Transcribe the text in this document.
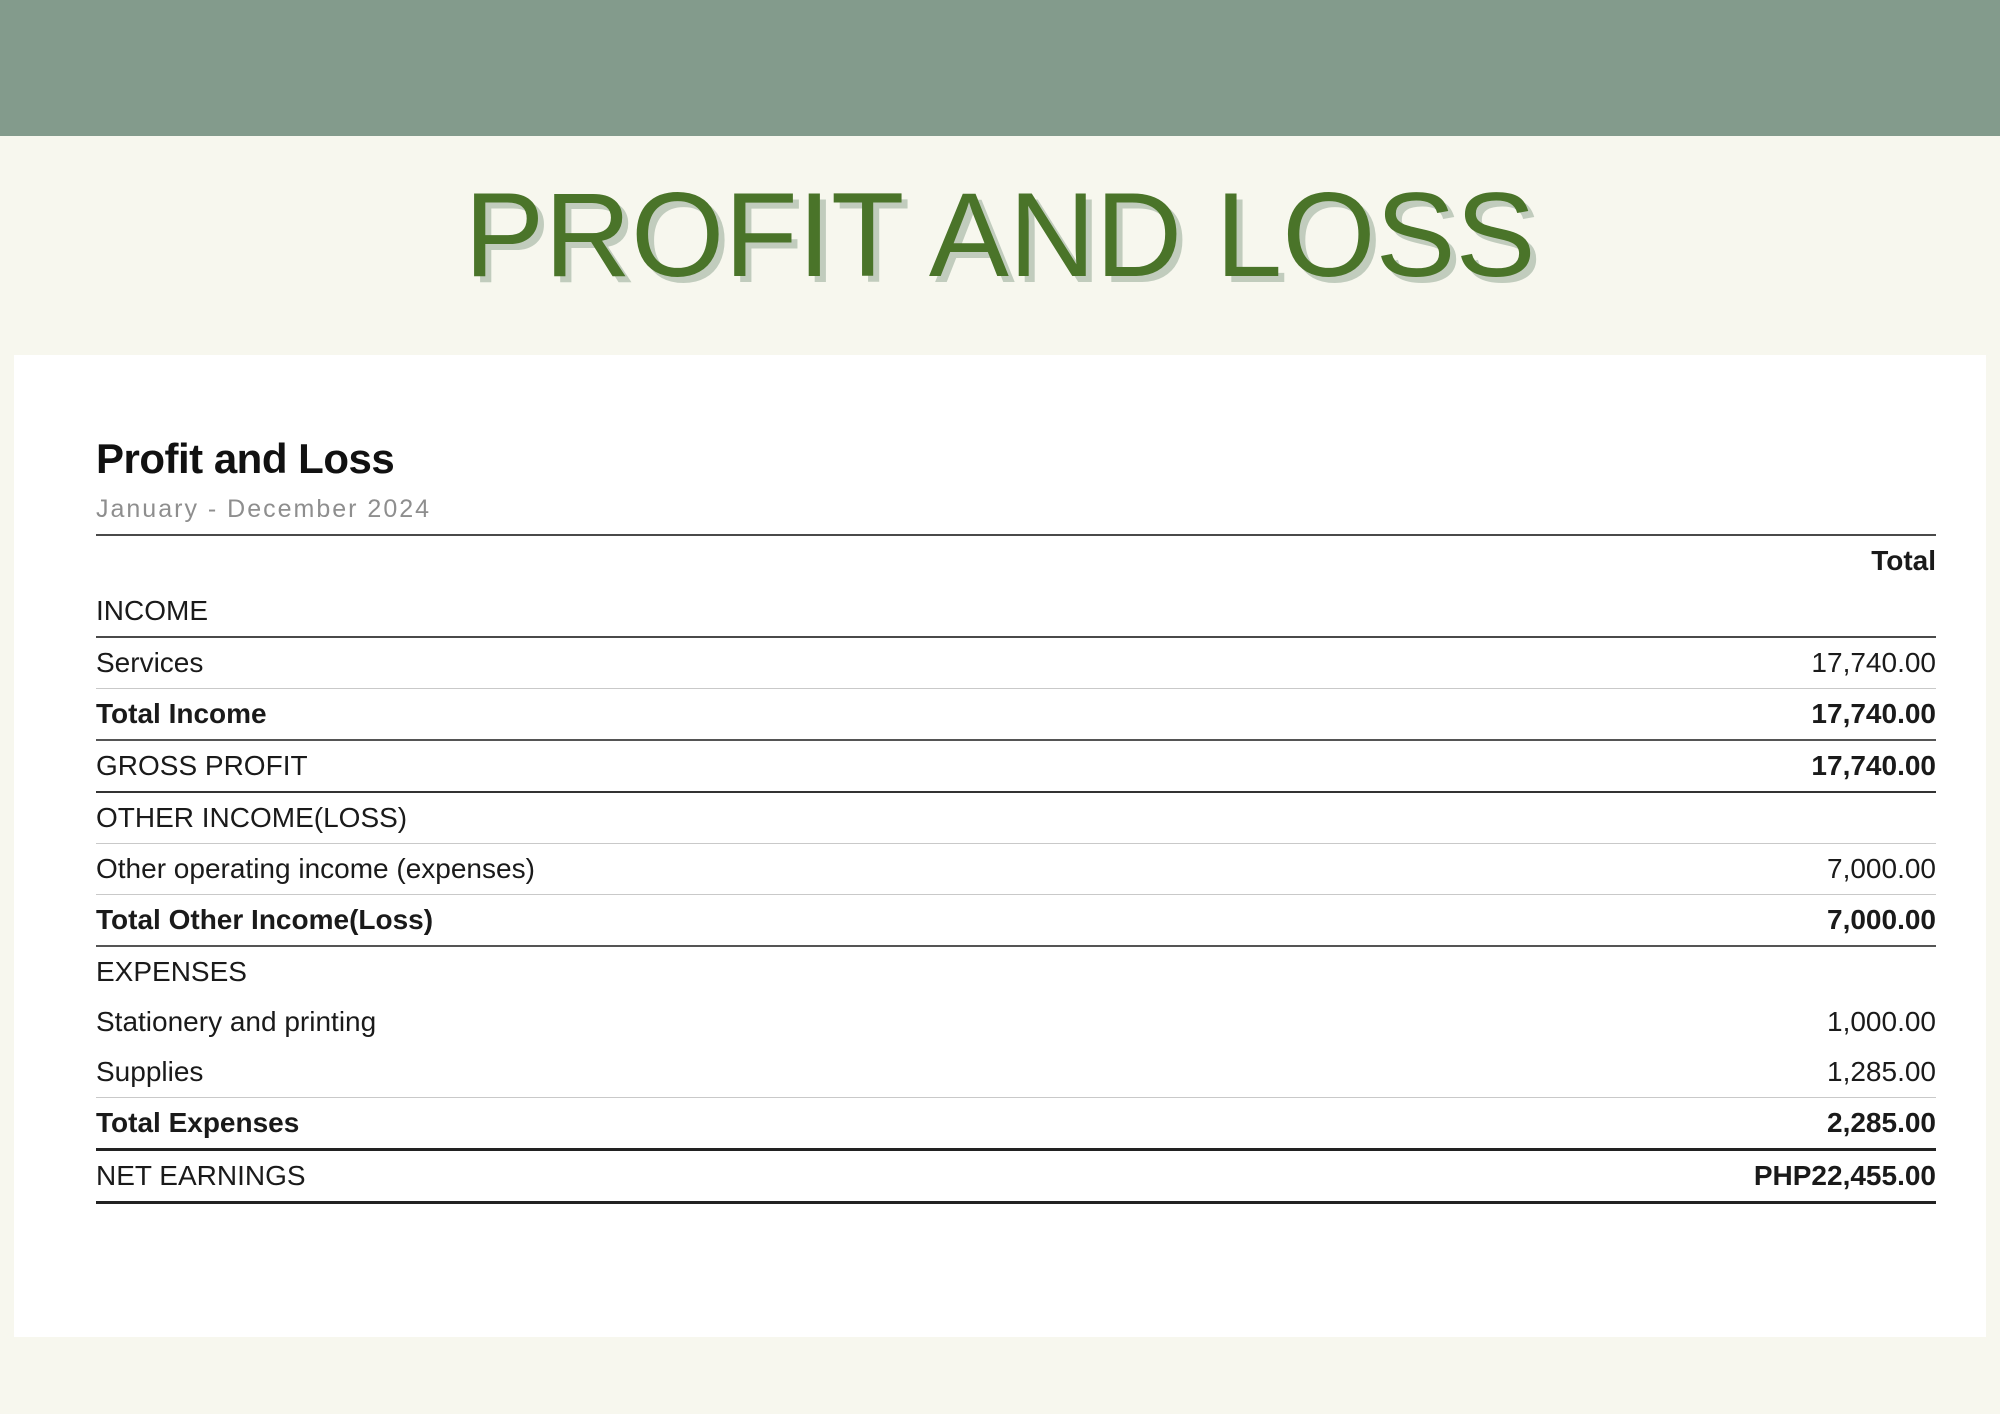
PROFIT AND LOSS
Profit and Loss
January - December 2024
	Total
INCOME	
Services	17,740.00
Total Income	17,740.00
GROSS PROFIT	17,740.00
OTHER INCOME(LOSS)	
Other operating income (expenses)	7,000.00
Total Other Income(Loss)	7,000.00
EXPENSES	
Stationery and printing	1,000.00
Supplies	1,285.00
Total Expenses	2,285.00
NET EARNINGS	PHP22,455.00
